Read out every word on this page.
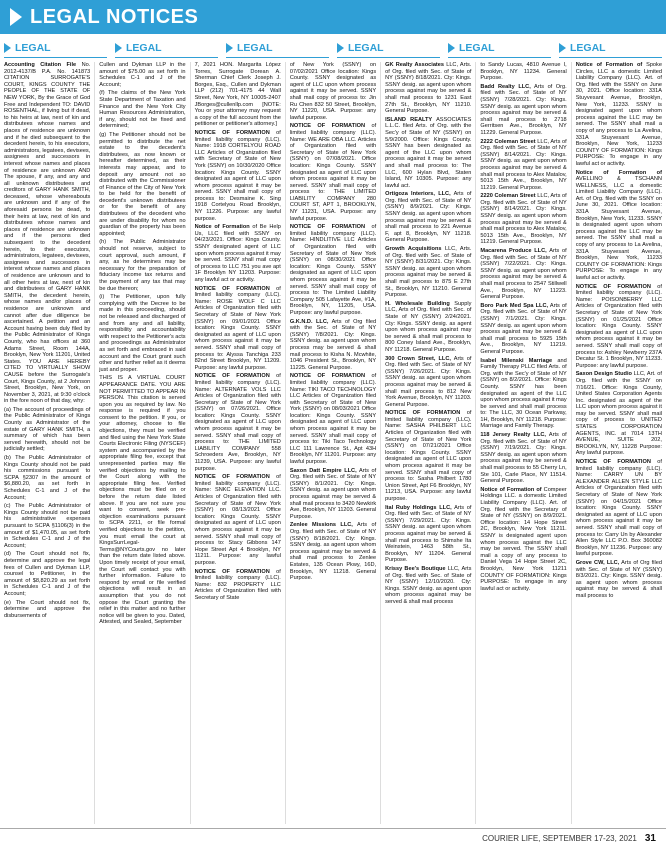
LEGAL NOTICES
LEGAL	LEGAL	LEGAL	LEGAL	LEGAL	LEGAL

Accounting Citation File No. 2012-4137/B P.A. No. 141873 CITATION SURROGATE'S COURT, KINGS COUNTY THE PEOPLE OF THE STATE OF NEW YORK, By the Grace of God Free and Independent TO: DAVID ROSENTHAL, if living but if dead, to his heirs at law, next of kin and distributees whose names and places of residence are unknown and if he died subsequent to the decedent herein, to his executors, administrators, legatees, devisees, assignees and successors in interest whose names and places of residence are unknown AND The spouse, if any, and any and all unknown distributees and creditors of GARY HANK SMITH, deceased, whose whereabouts are unknown and if any of the aforesaid persons be dead, to their heirs at law, next of kin and distributees whose names and places of residence are unknown and if the persons died subsequent to the decedent herein, to their executors, administrators, legatees, devisees, assignees and successors in interest whose names and places of residence are unknown and to all other heirs at law, next of kin and distributees of GARY HANK SMITH, the decedent herein, whose names and/or places of residence are unknown and cannot after due diligence be ascertained. A petition and an Account having been duly filed by the Public Administrator of Kings County, who has offices at 360 Adams Street, Room 144A, Brooklyn, New York 11201, United States. YOU ARE HEREBY CITED TO VIRTUALLY SHOW CAUSE before the Surrogate's Court, Kings County, at 2 Johnson Street, Brooklyn, New York, on November 3, 2021, at 9:30 o'clock in the fore noon of that day, why:

(a) The account of proceedings of the Public Administrator of Kings County as Administrator of the estate of GARY HANK SMITH, a summary of which has been served herewith, should not be judicially settled;

(b) The Public Administrator of Kings County should not be paid his commissions pursuant to SCPA §2307 in the amount of $6,880.20, as set forth in Schedules C-1 and J of the Account;

(c) The Public Administrator of Kings County should not be paid his administrative expenses pursuant to SCPA §1106(3) in the amount of $1,470.05, as set forth in Schedules C-1 and J of the Account;

(d) The Court should not fix, determine and approve the legal fees of Cullen and Dykman LLP, counsel to Petitioner, in the amount of $8,820.29 as set forth in Schedules C-1 and J of the Account;

(e) The Court should not fix, determine and approve the disbursements of

Cullen and Dykman LLP in the amount of $75.00 as set forth in Schedules C-1 and J of the Account;

(f) The claims of the New York State Department of Taxation and Finance and the New York City Human Resources Administration, if any, should not be fixed and determined;

(g) The Petitioner should not be permitted to distribute the net estate to the decedent's distributees, as now known or hereafter determined, as their interests may appear, and to deposit any amount not so distributed with the Commissioner of Finance of the City of New York to be held for the benefit of decedent's unknown distributees or for the benefit of any distributees of the decedent who are under disability for whom no guardian of the property has been appointed;

(h) The Public Administrator should not reserve, subject to court approval, such amount, if any, as he determines may be necessary for the preparation of fiduciary income tax returns and the payment of any tax that may be due thereon;

(i) The Petitioner, upon fully complying with the Decree to be made in this proceeding, should not be released and discharged of and from any and all liability, responsibility and accountability with respect to the Petitioner's acts and proceedings as Administrator as set forth and embraced in said account and the Court grant such other and further relief as it deems just and proper.

THIS IS A VIRTUAL COURT APPEARANCE DATE. YOU ARE NOT PERMITTED TO APPEAR IN PERSON. This citation is served upon you as required by law. No response is required if you consent to the petition. If you, or your attorney, choose to file objections, they must be verified and filed using the New York State Courts Electronic Filing (NYSCEF) system and accompanied by the appropriate filing fee, except that unrepresented parties may file verified objections by mailing to the Court along with the appropriate filing fee. Verified objections must be filed on or before the return date listed above. If you are not sure you want to consent, seek pre-objection examinations pursuant to SCPA 2211, or file formal verified objections to the petition, you must email the court at KingsSurrLegal-Terms@NYCourts.gov no later than the return date listed above. Upon timely receipt of your email, the Court will contact you with further information. Failure to respond by email or file verified objections will result in an assumption that you do not oppose the Court granting the relief in this matter and no further notice will be given to you. Dated, Attested, and Sealed, September

7, 2021 HON. Margarita López Torres, Surrogate Dorean A. Sherman Chief Clerk Joseph J. Borges, Esq., Cullen and Dykman LLP (212) 701-4175 44 Wall Street, New York, NY 10005-2407 JBorges@cullenllp.com [NOTE: You or your attorney may request a copy of the full account from the petitioner or petitioner's attorney.]

NOTICE OF FORMATION of limited liability company (LLC). Name: 1918 CORTELYOU ROAD LLC Articles of Organization filed with Secretary of State of New York (SSNY) on 10/30/2020 Office location: Kings County. SSNY designated as agent of LLC upon whom process against it may be served. SSNY shall mail copy of process to: Desmaine K. Sing 1918 Cortelyou Road Brooklyn, NY 11226. Purpose: any lawful purpose.

Notice of Formation of Be Help Us, LLC filed with SSNY on 04/23/2021. Office: Kings County. SSNY designated agent of LLC upon whom process against it may be served. SSNY shall mail copy of process to LLC 751 you ave apt 1F Brooklyn NY 11203. Purpose: any lawful act or activity.

NOTICE OF FORMATION of limited liability company (LLC). Name: ROSE WOLF C LLC Articles of Organization filed with Secretary of State of New York (SSNY) on 09/01/2021 Office location: Kings County. SSNY designated as agent of LLC upon whom process against it may be served. SSNY shall mail copy of process to: Alyssa Tanchiga 233 82nd Street Brooklyn, NY 11209. Purpose: any lawful purpose.

NOTICE OF FORMATION of limited liability company (LLC). Name: ALTERNATE VOLS LLC Articles of Organization filed with Secretary of State of New York (SSNY) on 07/26/2021. Office location: Kings County. SSNY designated as agent of LLC upon whom process against it may be served. SSNY shall mail copy of process to: THE LIMITED LIABILITY COMPANY 558 Schroeders Ave, Brooklyn, NY 11239, USA. Purpose: any lawful purpose.

NOTICE OF FORMATION of limited liability company (LLC). Name: SNKC ELEVATION LLC. Articles of Organization filed with Secretary of State of New York (SSNY) on 08/13/2021 Office location: Kings County. SSNY designated as agent of LLC upon whom process against it may be served. SSNY shall mail copy of process to: Stacy Gibbons 147 Hope Street Apt 4 Brooklyn, NY 11211. Purpose: any lawful purpose.

NOTICE OF FORMATION of limited liability company (LLC). Name: 832 PROPERTY LLC Articles of Organization filed with Secretary of State

of New York (SSNY) on 07/02/2021 Office location: Kings County. SSNY designated as agent of LLC upon whom process against it may be served. SSNY shall mail copy of process to: Jin Ru Chen 832 50 Street, Brooklyn, NY 11220, USA. Purpose: any lawful purpose.

NOTICE OF FORMATION of limited liability company (LLC). Name: WE ARE OBA LLC. Articles of Organization filed with Secretary of State of New York (SSNY) on 07/08/2021. Office location: Kings County. SSNY designated as agent of LLC upon whom process against it may be served. SSNY shall mail copy of process to: THE LIMITED LIABILITY COMPANY 280 COURT ST, APT 1, BROOKLYN, NY 11231, USA. Purpose: any lawful purpose.

NOTICE OF FORMATION of limited liability company (LLC). Name: HINDLITIVE LLC Articles of Organization filed with Secretary of State of New York (SSNY) on 08/30/2021 Office location: Kings County. SSNY designated as agent of LLC upon whom process against it may be served. SSNY shall mail copy of process to: The Limited Liability Company 505 Lafayette Ave, #1A, Brooklyn, NY, 11205, USA. Purpose: any lawful purpose.

G.K.N.D. LLC, Arts of Org filed with the Sec. of State of NY (SSNY) 7/8/2021. Cty: Kings. SSNY desig. as agent upon whom process may be served & shall mail process to Kisha N. Mcwhite, 1046 President St., Brooklyn, NY 11225. General Purpose.

NOTICE OF FORMATION of limited liability company (LLC). Name: TIKI TACO TECHNOLOGY LLC Articles of Organization filed with Secretary of State of New York (SSNY) on 08/03/2021 Office location: Kings County. SSNY designated as agent of LLC upon whom process against it may be served. SSNY shall mail copy of process to: Tiki Taco Technology LLC 111 Lawrence St., Apt 43H Brooklyn, NY 11201. Purpose: any lawful purpose.

Saxon Datt Empire LLC, Arts of Org. filed with Sec. of State of NY (SSNY) 8/1/2021. Cty: Kings. SSNY desig. as agent upon whom process against may be served & shall mail process to 3420 Newkirk Ave, Brooklyn, NY 11203. General Purpose.

Zenlee Missions LLC, Arts of Org. filed with Sec. of State of NY (SSNY) 8/18/2021. Cty: Kings. SSNY desig. as agent upon whom process against may be served & shall mail process to Zenlee Estates, 135 Ocean Pkwy, 16D, Brooklyn, NY 11218. General Purpose.

GK Realty Associates LLC, Arts. of Org. filed with Sec. of State of NY (SSNY) 8/18/2021. Cty: Kings. SSNY desig. as agent upon whom process against may be served & shall mail process to 1231 East 27th St., Brooklyn, NY 11210. General Purpose.

ISLAND REALTY ASSOCIATES L.L.C. filed Arts. of Org. with the Sec'y of State of NY (SSNY) on 5/9/2000. Office: Kings County. SSNY has been designated as agent of the LLC upon whom process against it may be served and shall mail process to: The LLC, 600 Hylan Blvd, Staten Island, NY 10305. Purpose: any lawful act.

Ortigoza Interiors, LLC, Arts of Org. filed with Sec. of State of NY (SSNY) 8/9/2021. Cty: Kings. SSNY desig. as agent upon whom process against may be served & shall mail process to 221 Avenue F, apt 8, Brooklyn, NY 11218. General Purpose.

Growth Acquisitions LLC, Arts. of Org. filed with Sec. of State of NY (SSNY) 8/31/2021. Cty: Kings. SSNY desig. as agent upon whom process against may be served & shall mail process to 875 E 27th St., Brooklyn, NY 11210. General Purpose.

H. Wholesale Building Supply LLC, Arts of Org. filed with Sec. of State of NY (SSNY) 2/24/2021. Cty: Kings. SSNY desig. as agent upon whom process against may be served & shall mail process to 800 Coney Island Ave., Brooklyn, NY 11218. General Purpose.

300 Crown Street, LLC, Arts of Org. filed with Sec. of State of NY (SSNY) 7/26/2021. Cty: Kings. SSNY desig. as agent upon whom process against may be served & shall mail process to 812 New York Avenue, Brooklyn, NY 11203. General Purpose.

NOTICE OF FORMATION of limited liability company (LLC). Name: SASHA PHILBERT LLC Articles of Organization filed with Secretary of State of New York (SSNY) on 07/21/2021 Office location: Kings County. SSNY designated as agent of LLC upon whom process against it may be served. SSNY shall mail copy of process to: Sasha Philbert 1780 Union Street, Apt F6 Brooklyn, NY 11213, USA. Purpose: any lawful purpose.

Ital Ruby Holdings LLC, Arts of Org. filed with Sec. of State of NY (SSNY) 7/29/2021. Cty: Kings. SSNY desig. as agent upon whom process against may be served & shall mail process to Shimshe Ita Weinstein, 1463 58th St., Brooklyn, NY 11204. General Purpose.

Krissy Bee's Boutique LLC, Arts of Org. filed with Sec. of State of NY (SSNY) 12/10/2020. Cty: Kings. SSNY desig. as agent upon whom process against may be served & shall mail process

to Sandy Lucas, 4810 Avenue I, Brooklyn, NY 11234. General Purpose.

Badd Realty LLC, Arts of Org. filed with Sec. of State of NY (SSNY) 7/28/2021. Cty: Kings. SSNY desig. as agent upon whom process against may be served & shall mail process to 2718 Gerritsen Ave., Brooklyn, NY 11229. General Purpose.

2222 Coleman Street LLC, Arts of Org. filed with Sec. of State of NY (SSNY) 8/14/2021. Cty: Kings. SSNY desig. as agent upon whom process against may be served & shall mail process to Alex Matalov, 5013 15th Ave., Brooklyn, NY 11219. General Purpose.

2220 Coleman Street LLC, Arts of Org. filed with Sec. of State of NY (SSNY) 8/14/2021. Cty: Kings. SSNY desig. as agent upon whom process against may be served & shall mail process to Alex Matalov, 5013 15th Ave., Brooklyn, NY 11219. General Purpose.

Macarena Produce LLC, Arts of Org. filed with Sec. of State of NY (SSNY) 7/22/2021. Cty: Kings. SSNY desig. as agent upon whom process against may be served & shall mail process to 2547 Stillwell Ave., Brooklyn, NY 11223. General Purpose.

Boro Park Med Spa LLC, Arts of Org. filed with Sec. of State of NY (SSNY) 7/1/2021. Cty: Kings. SSNY desig. as agent upon whom process against may be served & shall mail process to 5925 15th Ave., Brooklyn, NY 11219. General Purpose.

Isabel Milenski Marriage and Family Therapy PLLC filed Arts. of Org. with the Sec'y of State of NY (SSNY) on 8/2/2021. Office: Kings County. SSNY has been designated as agent of the LLC upon whom process against it may be served and shall mail process to: The LLC, 30 Ocean Parkway, 1H, Brooklyn, NY 11218. Purpose: Marriage and Family Therapy.

118 Jersey Realty LLC, Arts of Org. filed with Sec. of State of NY (SSNY) 7/19/2021. Cty: Kings. SSNY desig. as agent upon whom process against may be served & shall mail process to 55 Cherry Ln, Ste 101, Carle Place, NY 11514. General Purpose.

Notice of Formation of Compeer Holdings LLC. a domestic Limited Liability Company (LLC). Art. of Org. filed with the Secretary of State of NY (SSNY) on 8/9/2021. Office location: 14 Hope Street 2C, Brooklyn, New York 11211. SSNY is designated agent upon whom process against the LLC may be served. The SSNY shall mail a copy of any process to Daniel Vega 14 Hope Street 2C, Brooklyn, New York 11211 COUNTY OF FORMATION: Kings PURPOSE: To engage in any lawful act or activity.

Notice of Formation of Spoke Circles, LLC a domestic Limited Liability Company (LLC). Art. of Org. filed with the SSNY on June 30, 2021. Office location: 331A Stuyvesant Avenue, Brooklyn, New York, 11233. SSNY is designated agent upon whom process against the LLC may be served. The SSNY shall mail a copy of any process to La Avelina, 331A Stuyvesant Avenue, Brooklyn, New York, 11233 COUNTY OF FORMATION: Kings PURPOSE: To engage in any lawful act or activity.

Notice of Formation of AVELLINO & TSCHANN WELLNESS, LLC a domestic Limited Liability Company (LLC). Art. of Org. filed with the SSNY on June 30, 2021. Office location: 331A Stuyvesant Avenue, Brooklyn, New York, 11233. SSNY is designated agent upon whom process against the LLC may be served. The SSNY shall mail a copy of any process to La Avelina, 331A Stuyvesant Avenue, Brooklyn, New York, 11233 COUNTY OF FORMATION: Kings PURPOSE: To engage in any lawful act or activity.

NOTICE OF FORMATION of limited liability company (LLC). Name: POISONBERRY LLC Articles of Organization filed with Secretary of State of New York (SSNY) on 01/25/2021 Office location: Kings County. SSNY designated as agent of LLC upon whom process against it may be served. SSNY shall mail copy of process to: Ashley Newberry 237A Decatur St. 1 Brooklyn, NY 11233. Purpose: any lawful purpose.

Saxon Design Studio LLC, Art. of Org. filed with the SSNY on 7/16/21. Office: Kings County, United States Corporation Agents Inc. designated as agent of the LLC upon whom process against it may be served. SSNY shall mail copy of process to UNITED STATES CORPORATION AGENTS, INC. at 7014 13TH AVENUE, SUITE 202, BROOKLYN, NY, 11228 Purpose: Any lawful purpose.

NOTICE OF FORMATION of limited liability company (LLC). Name: CARRY UN BY ALEXANDER ALLEN STYLE LLC Articles of Organization filed with Secretary of State of New York (SSNY) on 04/15/2021 Office location: Kings County. SSNY designated as agent of LLC upon whom process against it may be served. SSNY shall mail copy of process to: Carry Un by Alexander Allen Style LLC P.O. Box 360082 Brooklyn, NY 11236. Purpose: any lawful purpose.

Grove CW, LLC, Arts of Org filed with Sec. of State of NY (SSNY) 8/3/2021. Cty: Kings. SSNY desig. as agent upon whom process against may be served & shall mail process to

COURIER LIFE, SEPTEMBER 17-23, 2021 31
